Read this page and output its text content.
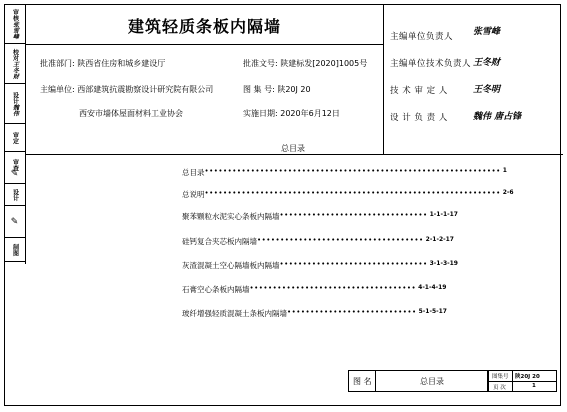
审核
张雪峰
校对
王冬财
设计
魏伟
审定
审查
✎
设计
✎
制图
建筑轻质条板内隔墙
批准部门: 陕西省住房和城乡建设厅	批准文号: 陕建标发[2020]1005号
主编单位: 西部建筑抗震勘察设计研究院有限公司	图 集 号: 陕20J 20
西安市墙体屋面材料工业协会	实施日期: 2020年6月12日
主编单位负责人 张雪峰
主编单位技术负责人 王冬财
技 术 审 定 人	王冬明
设 计 负 责 人	魏伟 唐占锋
总目录
总目录 •••••••••••••••••••••••••••••••••••••••••••••••••••••••••••••••• 1
总说明 •••••••••••••••••••••••••••••••••••••••••••••••••••••••••••••••• 2-6
聚苯颗粒水泥实心条板内隔墙 •••••••••••••••••••••••••••••••• 1-1-1-17
硅钙复合夹芯板内隔墙 •••••••••••••••••••••••••••••••••••• 2-1-2-17
灰渣混凝土空心隔墙板内隔墙 •••••••••••••••••••••••••••••••• 3-1-3-19
石膏空心条板内隔墙 •••••••••••••••••••••••••••••••••••• 4-1-4-19
玻纤增强轻质混凝土条板内隔墙 •••••••••••••••••••••••••••• 5-1-5-17
图 名	总目录	图集号 陕20J 20
页 次	1
